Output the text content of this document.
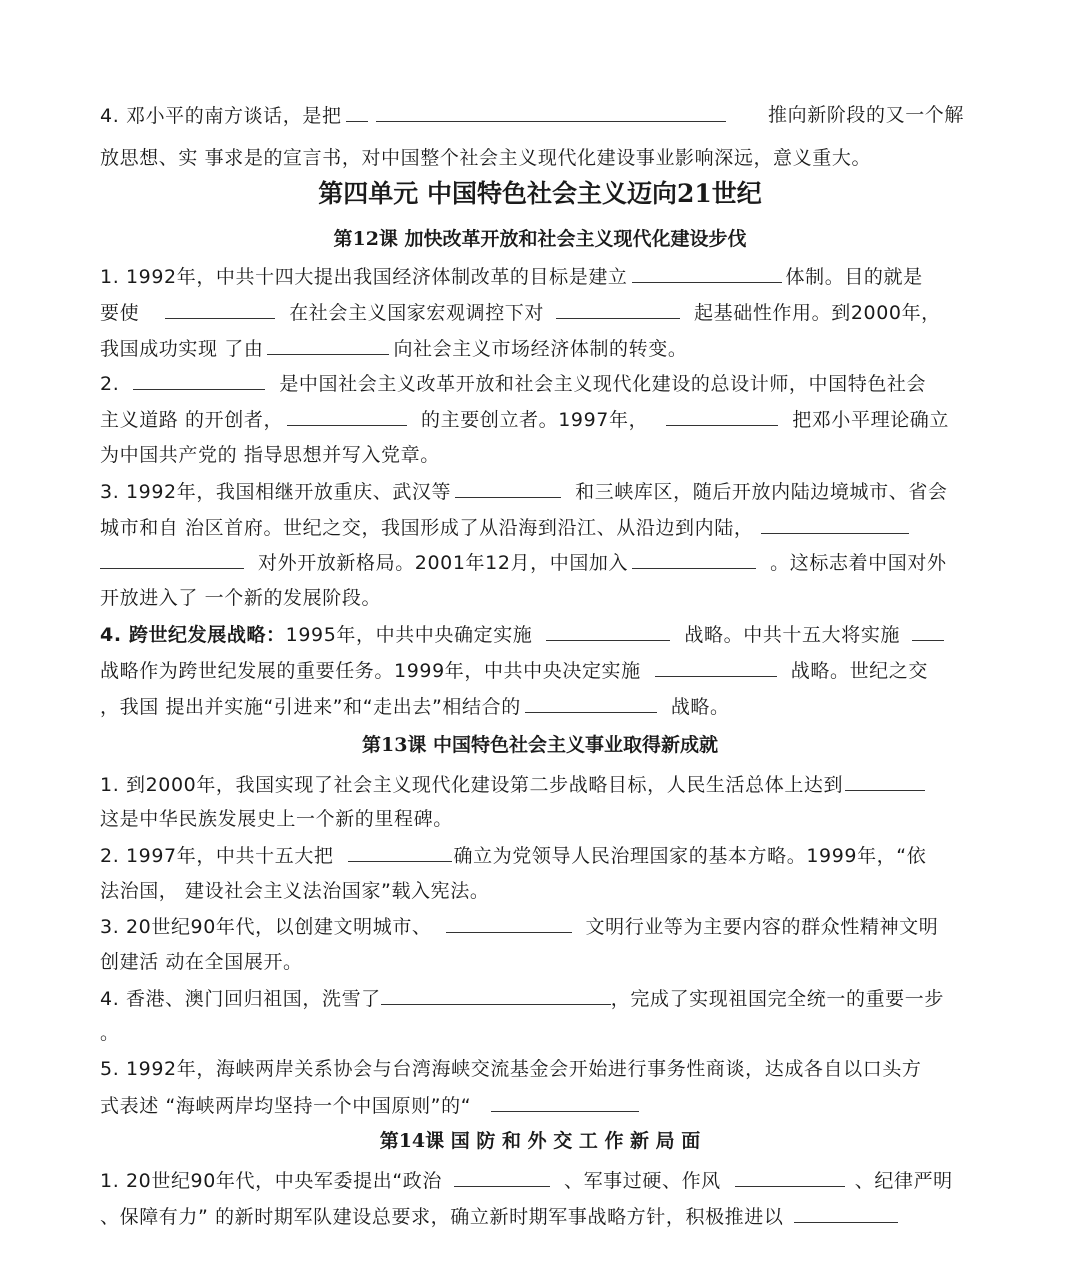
4. 邓小平的南方谈话，是把	推向新阶段的又一个解
放思想、实 事求是的宣言书，对中国整个社会主义现代化建设事业影响深远，意义重大。
第四单元 中国特色社会主义迈向21世纪
第12课 加快改革开放和社会主义现代化建设步伐
1. 1992年，中共十四大提出我国经济体制改革的目标是建立	体制。目的就是
要使	在社会主义国家宏观调控下对	起基础性作用。到2000年，
我国成功实现 了由	向社会主义市场经济体制的转变。
2.	是中国社会主义改革开放和社会主义现代化建设的总设计师，中国特色社会
主义道路 的开创者，	的主要创立者。1997年，	把邓小平理论确立
为中国共产党的 指导思想并写入党章。
3. 1992年，我国相继开放重庆、武汉等	和三峡库区，随后开放内陆边境城市、省会
城市和自 治区首府。世纪之交，我国形成了从沿海到沿江、从沿边到内陆，
对外开放新格局。2001年12月，中国加入	。这标志着中国对外
开放进入了 一个新的发展阶段。
4. 跨世纪发展战略：1995年，中共中央确定实施	战略。中共十五大将实施
战略作为跨世纪发展的重要任务。1999年，中共中央决定实施	战略。世纪之交
，我国 提出并实施“引进来”和“走出去”相结合的	战略。
第13课 中国特色社会主义事业取得新成就
1. 到2000年，我国实现了社会主义现代化建设第二步战略目标，人民生活总体上达到
这是中华民族发展史上一个新的里程碑。
2. 1997年，中共十五大把	确立为党领导人民治理国家的基本方略。1999年，“依
法治国， 建设社会主义法治国家”载入宪法。
3. 20世纪90年代，以创建文明城市、	文明行业等为主要内容的群众性精神文明
创建活 动在全国展开。
4. 香港、澳门回归祖国，洗雪了	，完成了实现祖国完全统一的重要一步
。
5. 1992年，海峡两岸关系协会与台湾海峡交流基金会开始进行事务性商谈，达成各自以口头方
式表述 “海峡两岸均坚持一个中国原则”的“
第14课 国 防 和 外 交 工 作 新 局 面
1. 20世纪90年代，中央军委提出“政治	、军事过硬、作风	、纪律严明
、保障有力” 的新时期军队建设总要求，确立新时期军事战略方针，积极推进以
